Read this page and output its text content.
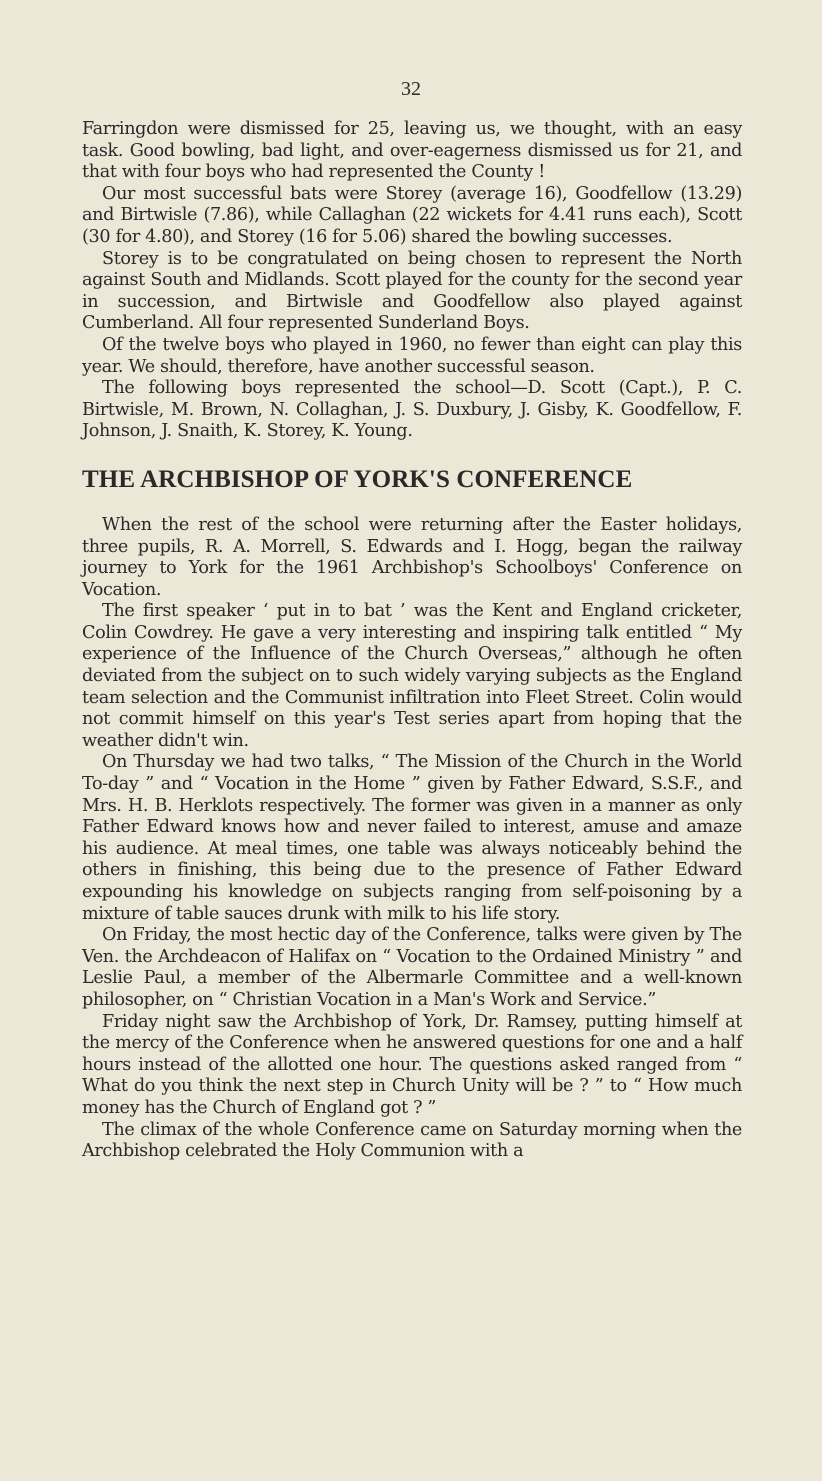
32

Farringdon were dismissed for 25, leaving us, we thought, with an easy task. Good bowling, bad light, and over-eagerness dismissed us for 21, and that with four boys who had represented the County !

Our most successful bats were Storey (average 16), Goodfellow (13.29) and Birtwisle (7.86), while Callaghan (22 wickets for 4.41 runs each), Scott (30 for 4.80), and Storey (16 for 5.06) shared the bowling successes.

Storey is to be congratulated on being chosen to represent the North against South and Midlands. Scott played for the county for the second year in succession, and Birtwisle and Goodfellow also played against Cumberland. All four represented Sunderland Boys.

Of the twelve boys who played in 1960, no fewer than eight can play this year. We should, therefore, have another successful season.

The following boys represented the school—D. Scott (Capt.), P. C. Birtwisle, M. Brown, N. Collaghan, J. S. Duxbury, J. Gisby, K. Goodfellow, F. Johnson, J. Snaith, K. Storey, K. Young.

THE ARCHBISHOP OF YORK'S CONFERENCE

When the rest of the school were returning after the Easter holidays, three pupils, R. A. Morrell, S. Edwards and I. Hogg, began the railway journey to York for the 1961 Archbishop's Schoolboys' Conference on Vocation.

The first speaker ‘ put in to bat ’ was the Kent and England cricketer, Colin Cowdrey. He gave a very interesting and inspiring talk entitled “ My experience of the Influence of the Church Overseas,” although he often deviated from the subject on to such widely varying subjects as the England team selection and the Communist infiltration into Fleet Street. Colin would not commit himself on this year's Test series apart from hoping that the weather didn't win.

On Thursday we had two talks, “ The Mission of the Church in the World To-day ” and “ Vocation in the Home ” given by Father Edward, S.S.F., and Mrs. H. B. Herklots respectively. The former was given in a manner as only Father Edward knows how and never failed to interest, amuse and amaze his audience. At meal times, one table was always noticeably behind the others in finishing, this being due to the presence of Father Edward expounding his knowledge on subjects ranging from self-poisoning by a mixture of table sauces drunk with milk to his life story.

On Friday, the most hectic day of the Conference, talks were given by The Ven. the Archdeacon of Halifax on “ Vocation to the Ordained Ministry ” and Leslie Paul, a member of the Albermarle Committee and a well-known philosopher, on “ Christian Vocation in a Man's Work and Service.”

Friday night saw the Archbishop of York, Dr. Ramsey, putting himself at the mercy of the Conference when he answered questions for one and a half hours instead of the allotted one hour. The questions asked ranged from “ What do you think the next step in Church Unity will be ? ” to “ How much money has the Church of England got ? ”

The climax of the whole Conference came on Saturday morning when the Archbishop celebrated the Holy Communion with a
